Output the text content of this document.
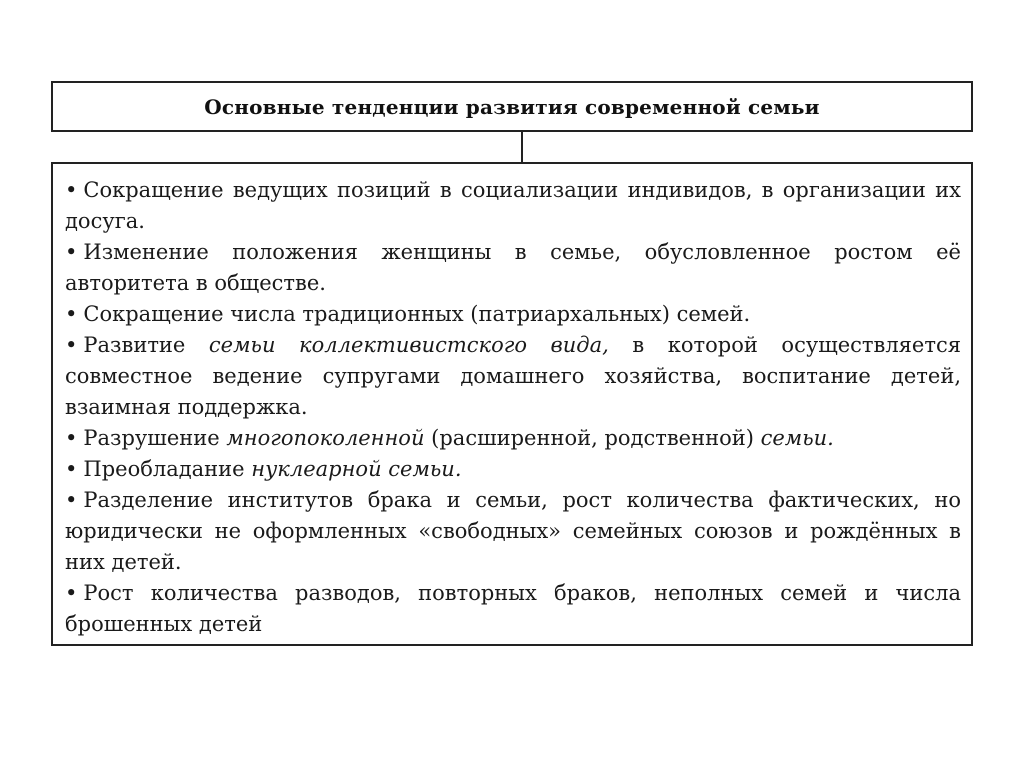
Основные тенденции развития современной семьи

• Сокращение ведущих позиций в социализации индивидов, в организации их досуга.

• Изменение положения женщины в семье, обусловленное ростом её авторитета в обществе.

• Сокращение числа традиционных (патриархальных) семей.

• Развитие семьи коллективистского вида, в которой осуществляется совместное ведение супругами домашнего хозяйства, воспитание детей, взаимная поддержка.

• Разрушение многопоколенной (расширенной, родственной) семьи.

• Преобладание нуклеарной семьи.

• Разделение институтов брака и семьи, рост количества фактических, но юридически не оформленных «свободных» семейных союзов и рождённых в них детей.

• Рост количества разводов, повторных браков, неполных семей и числа брошенных детей
